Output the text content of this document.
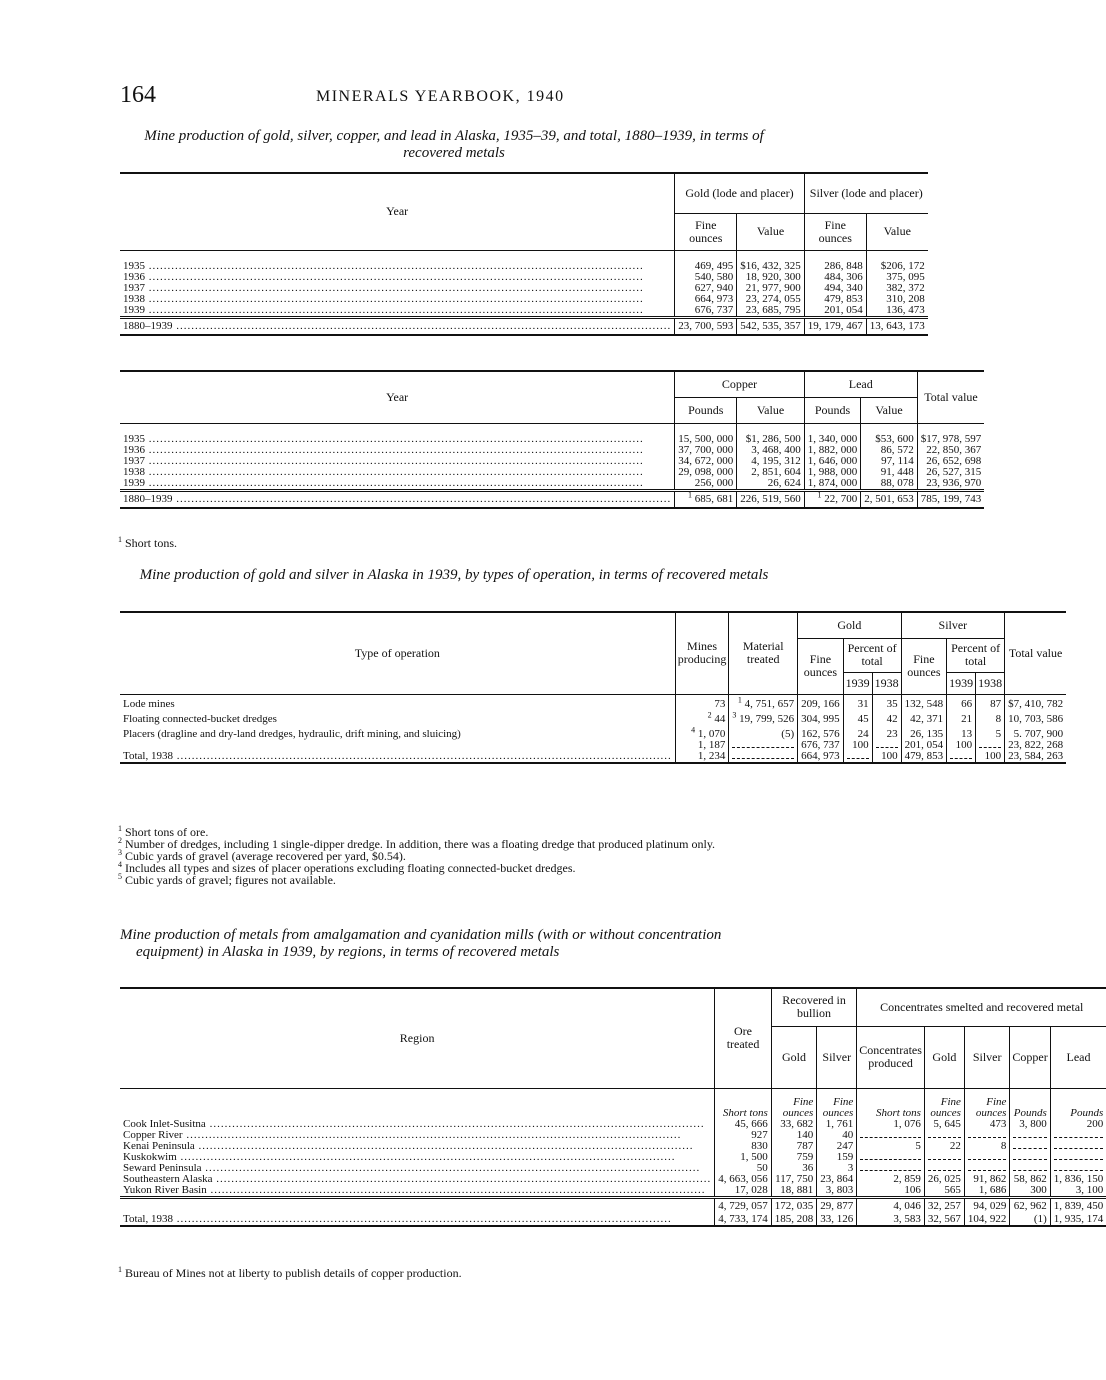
164	MINERALS YEARBOOK, 1940
Mine production of gold, silver, copper, and lead in Alaska, 1935–39, and total, 1880–1939, in terms of recovered metals
Year	Gold (lode and placer)		Silver (lode and placer)	
	Fine ounces	Value	Fine ounces	Value

1935 .....	469, 495	$16, 432, 325	286, 848	$206, 172

1936 .....	540, 580	18, 920, 300	484, 306	375, 095

1937 .....	627, 940	21, 977, 900	494, 340	382, 372

1938 .....	664, 973	23, 274, 055	479, 853	310, 208

1939 .....	676, 737	23, 685, 795	201, 054	136, 473

1880–1939 .....	23, 700, 593	542, 535, 357	19, 179, 467	13, 643, 173
Year	Copper		Lead		Total value
	Pounds	Value	Pounds	Value	

1935 .....	15, 500, 000	$1, 286, 500	1, 340, 000	$53, 600	$17, 978, 597

1936 .....	37, 700, 000	3, 468, 400	1, 882, 000	86, 572	22, 850, 367

1937 .....	34, 672, 000	4, 195, 312	1, 646, 000	97, 114	26, 652, 698

1938 .....	29, 098, 000	2, 851, 604	1, 988, 000	91, 448	26, 527, 315

1939 .....	256, 000	26, 624	1, 874, 000	88, 078	23, 936, 970

1880–1939 .....	$^1$ 685, 681	226, 519, 560	$^1$ 22, 700	2, 501, 653	785, 199, 743

$^1$ Short tons.

Mine production of gold and silver in Alaska in 1939, by types of operation, in terms of recovered metals
Type of operation	Mines producing	Material treated	Gold			Silver			Total value
			Fine ounces	Percent of total		Fine ounces	Percent of total		
				1939	1938		1939	1938	

Lode mines	73	$^1$ 4, 751, 657	209, 166	31	35	132, 548	66	87	$7, 410, 782

Floating connected-bucket dredges	$^2$ 44	$^3$ 19, 799, 526	304, 995	45	42	42, 371	21	8	10, 703, 586

Placers (dragline and dry-land dredges, hydraulic, drift mining, and sluicing)	$^4$ 1, 070	(5)	162, 576	24	23	26, 135	13	5	5. 707, 900
	1, 187		676, 737	100		201, 054	100		23, 822, 268

Total, 1938 .....	1, 234		664, 973		100	479, 853		100	23, 584, 263

$^1$ Short tons of ore.

$^2$ Number of dredges, including 1 single-dipper dredge. In addition, there was a floating dredge that produced platinum only.

$^3$ Cubic yards of gravel (average recovered per yard, $0.54).

$^4$ Includes all types and sizes of placer operations excluding floating connected-bucket dredges.

$^5$ Cubic yards of gravel; figures not available.

Mine production of metals from amalgamation and cyanidation mills (with or without concentration equipment) in Alaska in 1939, by regions, in terms of recovered metals
Region	Ore treated	Recovered in bullion		Concentrates smelted and recovered metal				
		Gold	Silver	Concentrates produced	Gold	Silver	Copper	Lead
	Short tons	Fine ounces	Fine ounces	Short tons	Fine ounces	Fine ounces	Pounds	Pounds

Cook Inlet-Susitna .....	45, 666	33, 682	1, 761	1, 076	5, 645	473	3, 800	200

Copper River .....	927	140	40					

Kenai Peninsula .....	830	787	247	5	22	8		

Kuskokwim .....	1, 500	759	159					

Seward Peninsula .....	50	36	3					

Southeastern Alaska .....	4, 663, 056	117, 750	23, 864	2, 859	26, 025	91, 862	58, 862	1, 836, 150

Yukon River Basin .....	17, 028	18, 881	3, 803	106	565	1, 686	300	3, 100
	4, 729, 057	172, 035	29, 877	4, 046	32, 257	94, 029	62, 962	1, 839, 450

Total, 1938 .....	4, 733, 174	185, 208	33, 126	3, 583	32, 567	104, 922	(1)	1, 935, 174

$^1$ Bureau of Mines not at liberty to publish details of copper production.
